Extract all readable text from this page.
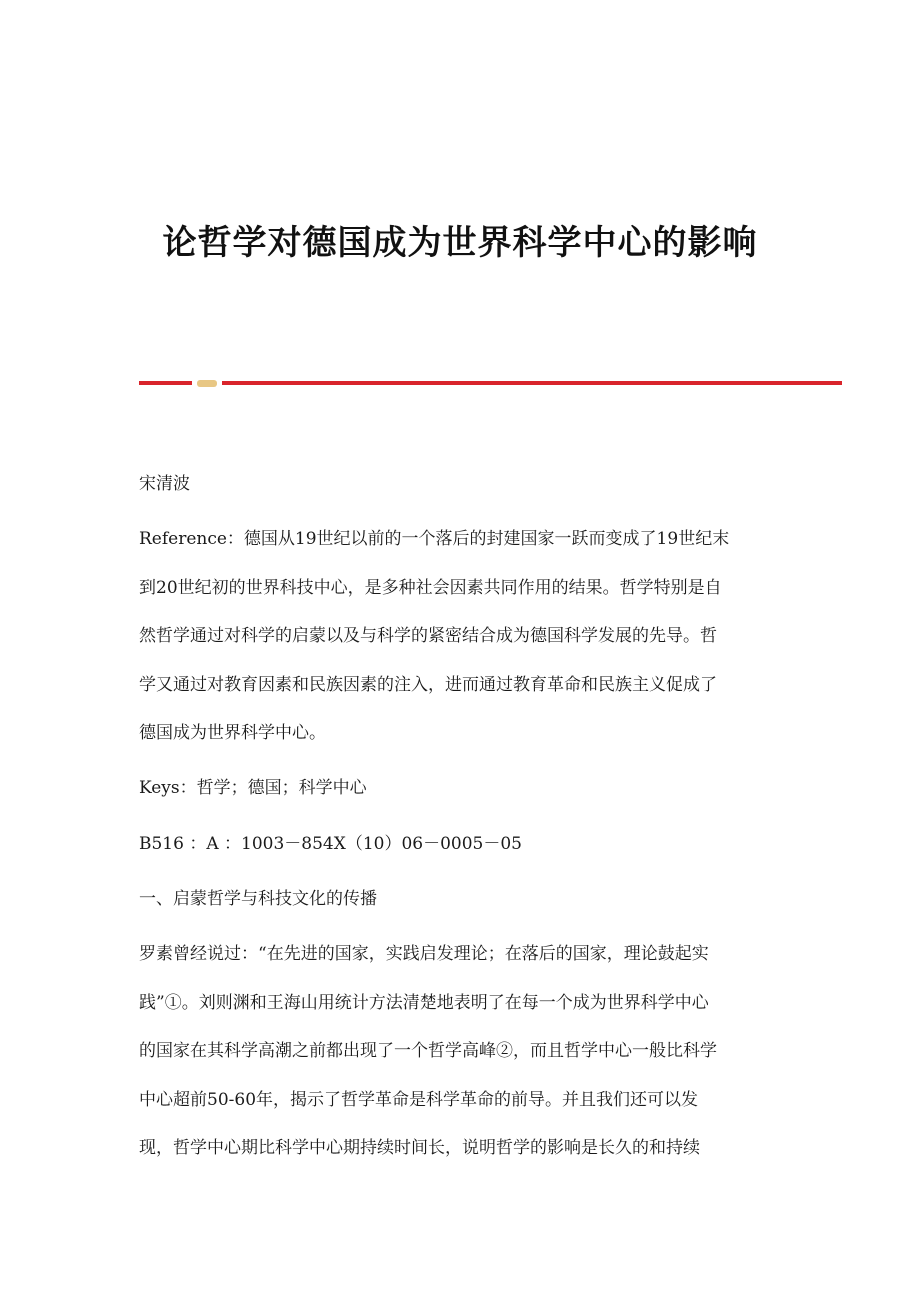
论哲学对德国成为世界科学中心的影响
宋清波
Reference：德国从19世纪以前的一个落后的封建国家一跃而变成了19世纪末
到20世纪初的世界科技中心，是多种社会因素共同作用的结果。哲学特别是自
然哲学通过对科学的启蒙以及与科学的紧密结合成为德国科学发展的先导。哲
学又通过对教育因素和民族因素的注入，进而通过教育革命和民族主义促成了
德国成为世界科学中心。
Keys：哲学；德国；科学中心
B516 ：A ：1003－854X（10）06－0005－05
一、启蒙哲学与科技文化的传播
罗素曾经说过：“在先进的国家，实践启发理论；在落后的国家，理论鼓起实
践”①。刘则渊和王海山用统计方法清楚地表明了在每一个成为世界科学中心
的国家在其科学高潮之前都出现了一个哲学高峰②，而且哲学中心一般比科学
中心超前50-60年，揭示了哲学革命是科学革命的前导。并且我们还可以发
现，哲学中心期比科学中心期持续时间长，说明哲学的影响是长久的和持续
